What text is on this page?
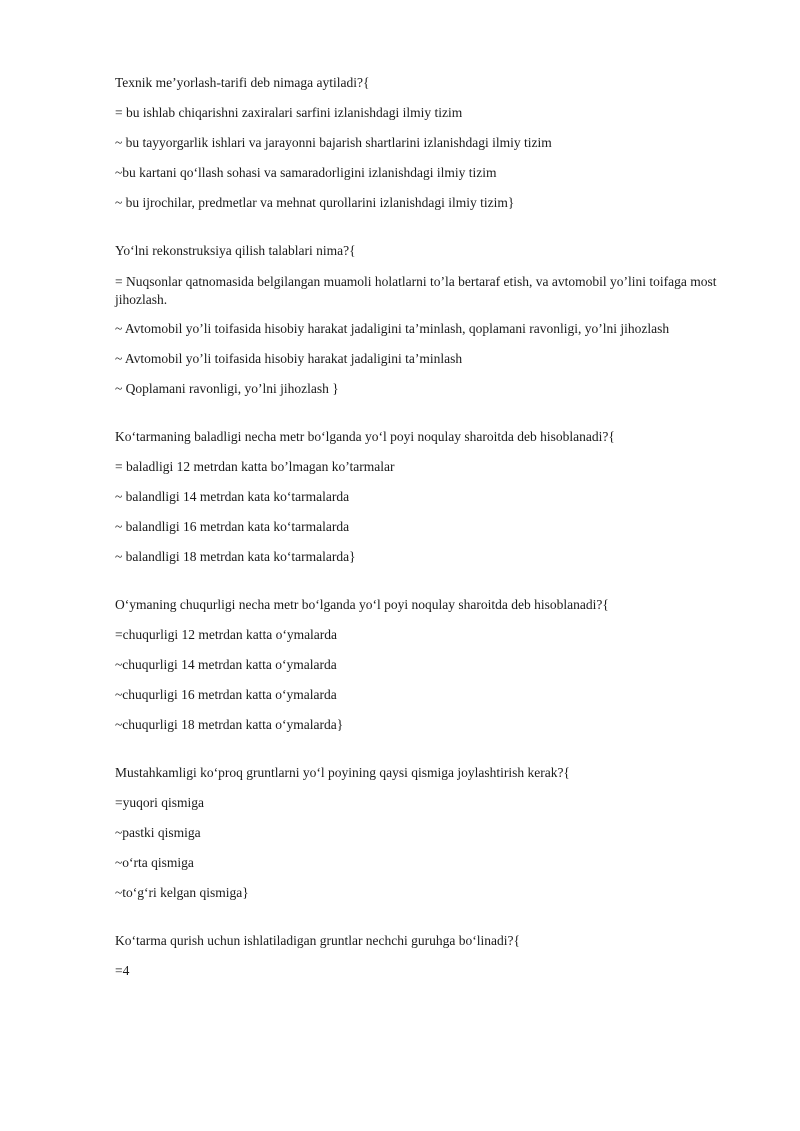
Texnik me’yorlash-tarifi deb nimaga aytiladi?{
= bu ishlab chiqarishni zaxiralari sarfini izlanishdagi ilmiy tizim
~ bu tayyorgarlik ishlari va jarayonni bajarish shartlarini izlanishdagi ilmiy tizim
~bu kartani qo‘llash sohasi va samaradorligini izlanishdagi ilmiy tizim
~ bu ijrochilar, predmetlar va mehnat qurollarini izlanishdagi ilmiy tizim}
Yo‘lni rekonstruksiya qilish talablari nima?{
= Nuqsonlar qatnomasida belgilangan muamoli holatlarni to’la bertaraf etish, va avtomobil yo’lini toifaga most jihozlash.
~ Avtomobil yo’li toifasida hisobiy harakat jadaligini ta’minlash, qoplamani ravonligi, yo’lni jihozlash
~ Avtomobil yo’li toifasida hisobiy harakat jadaligini ta’minlash
~ Qoplamani ravonligi, yo’lni jihozlash }
Ko‘tarmaning baladligi necha metr bo‘lganda yo‘l poyi noqulay sharoitda deb hisoblanadi?{
= baladligi 12 metrdan katta bo’lmagan ko’tarmalar
~ balandligi 14 metrdan kata ko‘tarmalarda
~ balandligi 16 metrdan kata ko‘tarmalarda
~ balandligi 18 metrdan kata ko‘tarmalarda}
O‘ymaning chuqurligi necha metr bo‘lganda yo‘l poyi noqulay sharoitda deb hisoblanadi?{
=chuqurligi 12 metrdan katta o‘ymalarda
~chuqurligi 14 metrdan katta o‘ymalarda
~chuqurligi 16 metrdan katta o‘ymalarda
~chuqurligi 18 metrdan katta o‘ymalarda}
Mustahkamligi ko‘proq gruntlarni yo‘l poyining qaysi qismiga joylashtirish kerak?{
=yuqori qismiga
~pastki qismiga
~o‘rta qismiga
~to‘g‘ri kelgan qismiga}
Ko‘tarma qurish uchun ishlatiladigan gruntlar nechchi guruhga bo‘linadi?{
=4
